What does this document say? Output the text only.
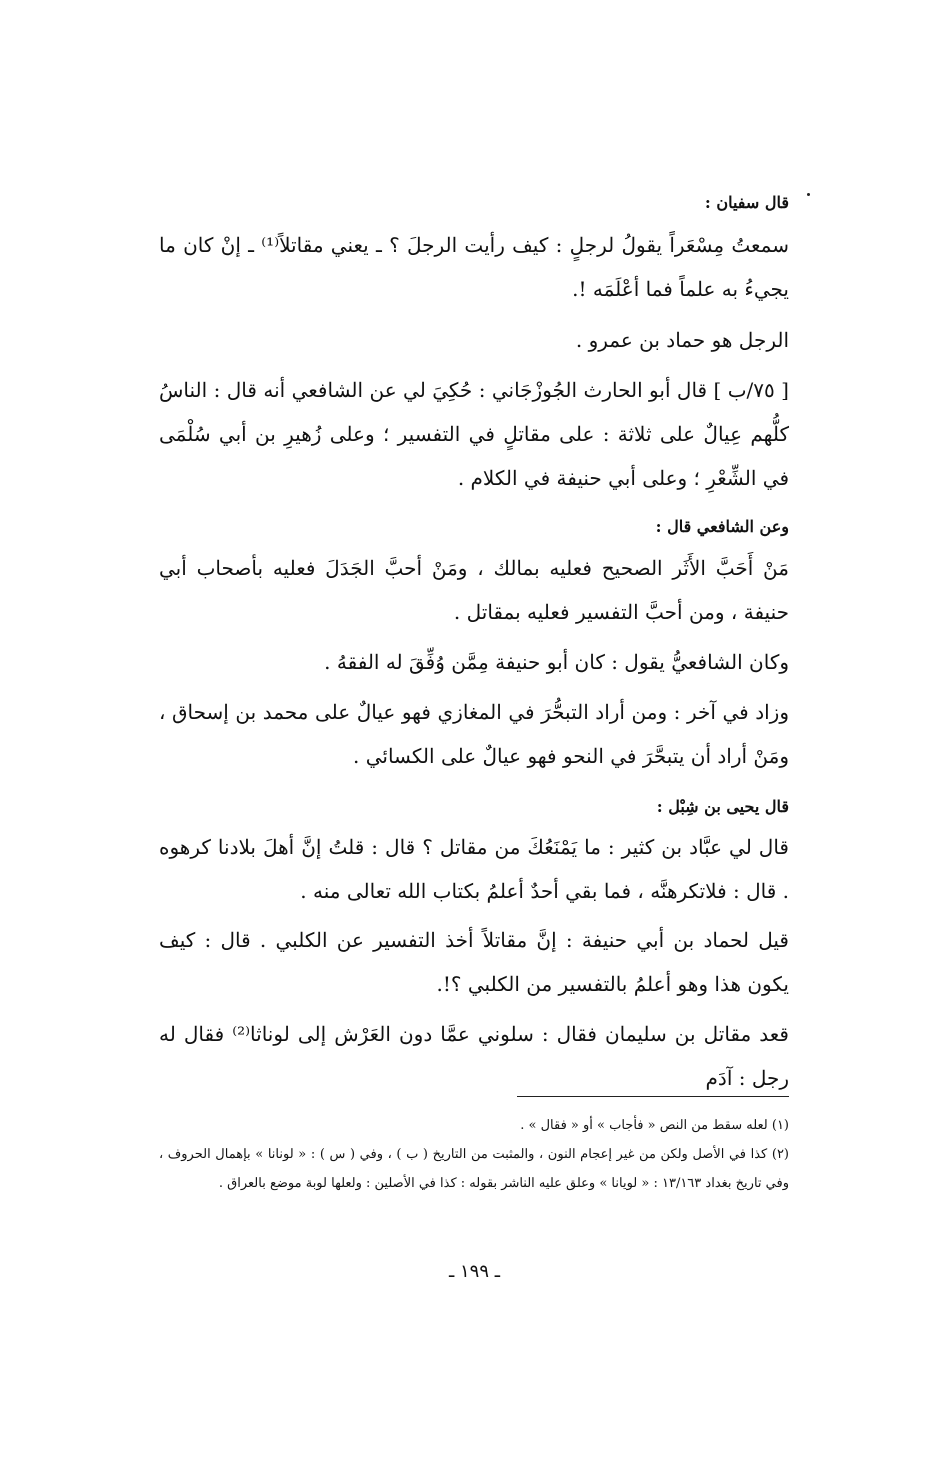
قال سفيان :
سمعتُ مِسْعَراً يقولُ لرجلٍ : كيف رأيت الرجلَ ؟ ـ يعني مقاتلاً⁽¹⁾ ـ إنْ كان ما يجيءُ به علماً فما أعْلَمَه !.
الرجل هو حماد بن عمرو .
[ ٧٥/ب ] قال أبو الحارث الجُوزْجَاني : حُكِيَ لي عن الشافعي أنه قال : الناسُ كلُّهم عِيالٌ على ثلاثة : على مقاتلٍ في التفسير ؛ وعلى زُهيرِ بن أبي سُلْمَى في الشِّعْرِ ؛ وعلى أبي حنيفة في الكلام .
وعن الشافعي قال :
مَنْ أَحَبَّ الأَثَر الصحيح فعليه بمالك ، ومَنْ أحبَّ الجَدَلَ فعليه بأصحاب أبي حنيفة ، ومن أحبَّ التفسير فعليه بمقاتل .
وكان الشافعيُّ يقول : كان أبو حنيفة مِمَّن وُفِّقَ له الفقهُ .
وزاد في آخر : ومن أراد التبحُّرَ في المغازي فهو عيالٌ على محمد بن إسحاق ، ومَنْ أراد أن يتبحَّرَ في النحو فهو عيالٌ على الكسائي .
قال يحيى بن شِبْل :
قال لي عبَّاد بن كثير : ما يَمْنَعُكَ من مقاتل ؟ قال : قلتُ إنَّ أهلَ بلادنا كرهوه . قال : فلاتكرهنَّه ، فما بقي أحدٌ أعلمُ بكتاب الله تعالى منه .
قيل لحماد بن أبي حنيفة : إنَّ مقاتلاً أخذ التفسير عن الكلبي . قال : كيف يكون هذا وهو أعلمُ بالتفسير من الكلبي ؟!.
قعد مقاتل بن سليمان فقال : سلوني عمَّا دون العَرْش إلى لوناثا⁽²⁾ فقال له رجل : آدَم
(١) لعله سقط من النص « فأجاب » أو « فقال » .
(٢) كذا في الأصل ولكن من غير إعجام النون ، والمثبت من التاريخ ( ب ) ، وفي ( س ) : « لونانا » بإهمال الحروف ، وفي تاريخ بغداد ١٣/١٦٣ : « لويانا » وعلق عليه الناشر بقوله : كذا في الأصلين : ولعلها لوبة موضع بالعراق .
ـ ١٩٩ ـ
